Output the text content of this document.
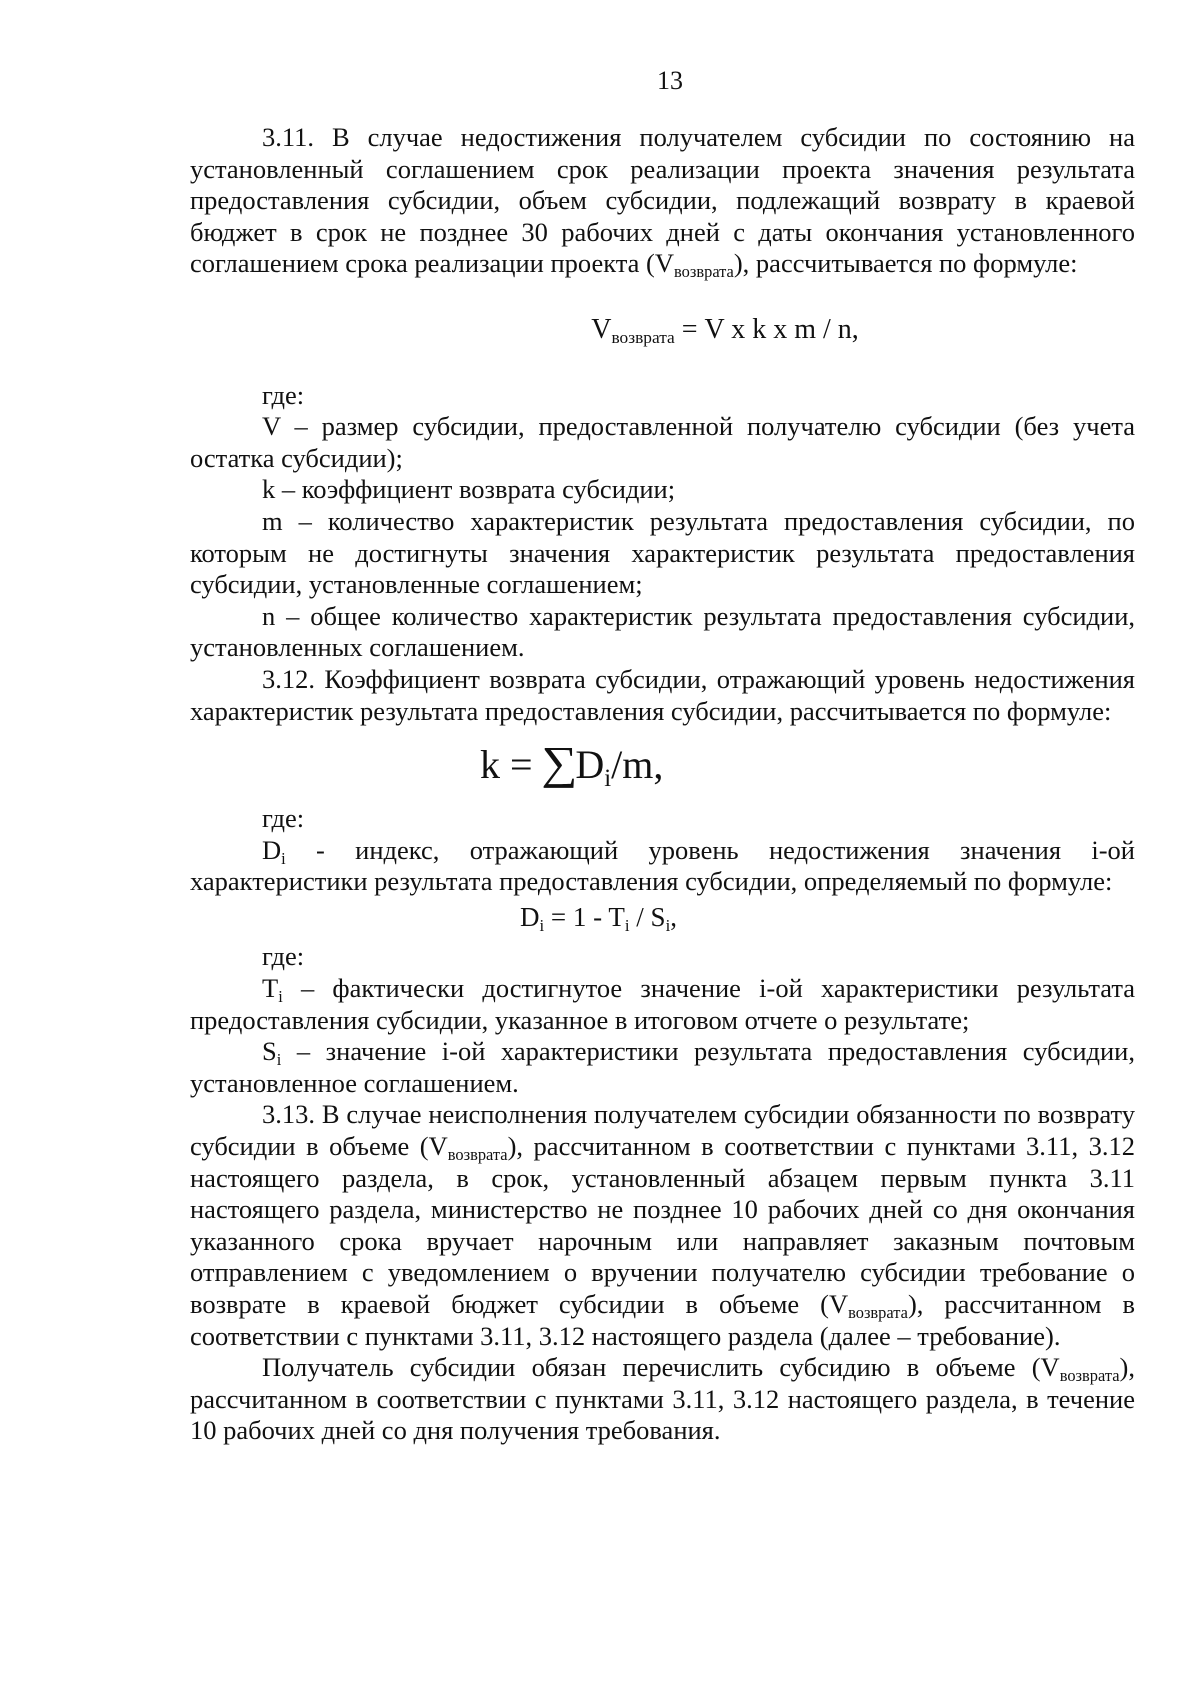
13

3.11. В случае недостижения получателем субсидии по состоянию на установленный соглашением срок реализации проекта значения результата предоставления субсидии, объем субсидии, подлежащий возврату в краевой бюджет в срок не позднее 30 рабочих дней с даты окончания установленного соглашением срока реализации проекта $(V_{возврата})$, рассчитывается по формуле:

$V_{возврата} = V$ x k x m / n,

где:

V – размер субсидии, предоставленной получателю субсидии (без учета остатка субсидии);

k – коэффициент возврата субсидии;

m – количество характеристик результата предоставления субсидии, по которым не достигнуты значения характеристик результата предоставления субсидии, установленные соглашением;

n – общее количество характеристик результата предоставления субсидии, установленных соглашением.

3.12. Коэффициент возврата субсидии, отражающий уровень недостижения характеристик результата предоставления субсидии, рассчитывается по формуле:

$k = \sum D_i/m$,

где:

$D_i$ - индекс, отражающий уровень недостижения значения i-ой характеристики результата предоставления субсидии, определяемый по формуле:

$D_i = 1 - T_i / S_i$,

где:

$T_i$ – фактически достигнутое значение i-ой характеристики результата предоставления субсидии, указанное в итоговом отчете о результате;

$S_i$ – значение i-ой характеристики результата предоставления субсидии, установленное соглашением.

3.13. В случае неисполнения получателем субсидии обязанности по возврату субсидии в объеме $(V_{возврата})$, рассчитанном в соответствии с пунктами 3.11, 3.12 настоящего раздела, в срок, установленный абзацем первым пункта 3.11 настоящего раздела, министерство не позднее 10 рабочих дней со дня окончания указанного срока вручает нарочным или направляет заказным почтовым отправлением с уведомлением о вручении получателю субсидии требование о возврате в краевой бюджет субсидии в объеме $(V_{возврата})$, рассчитанном в соответствии с пунктами 3.11, 3.12 настоящего раздела (далее – требование).

Получатель субсидии обязан перечислить субсидию в объеме $(V_{возврата})$, рассчитанном в соответствии с пунктами 3.11, 3.12 настоящего раздела, в течение 10 рабочих дней со дня получения требования.
